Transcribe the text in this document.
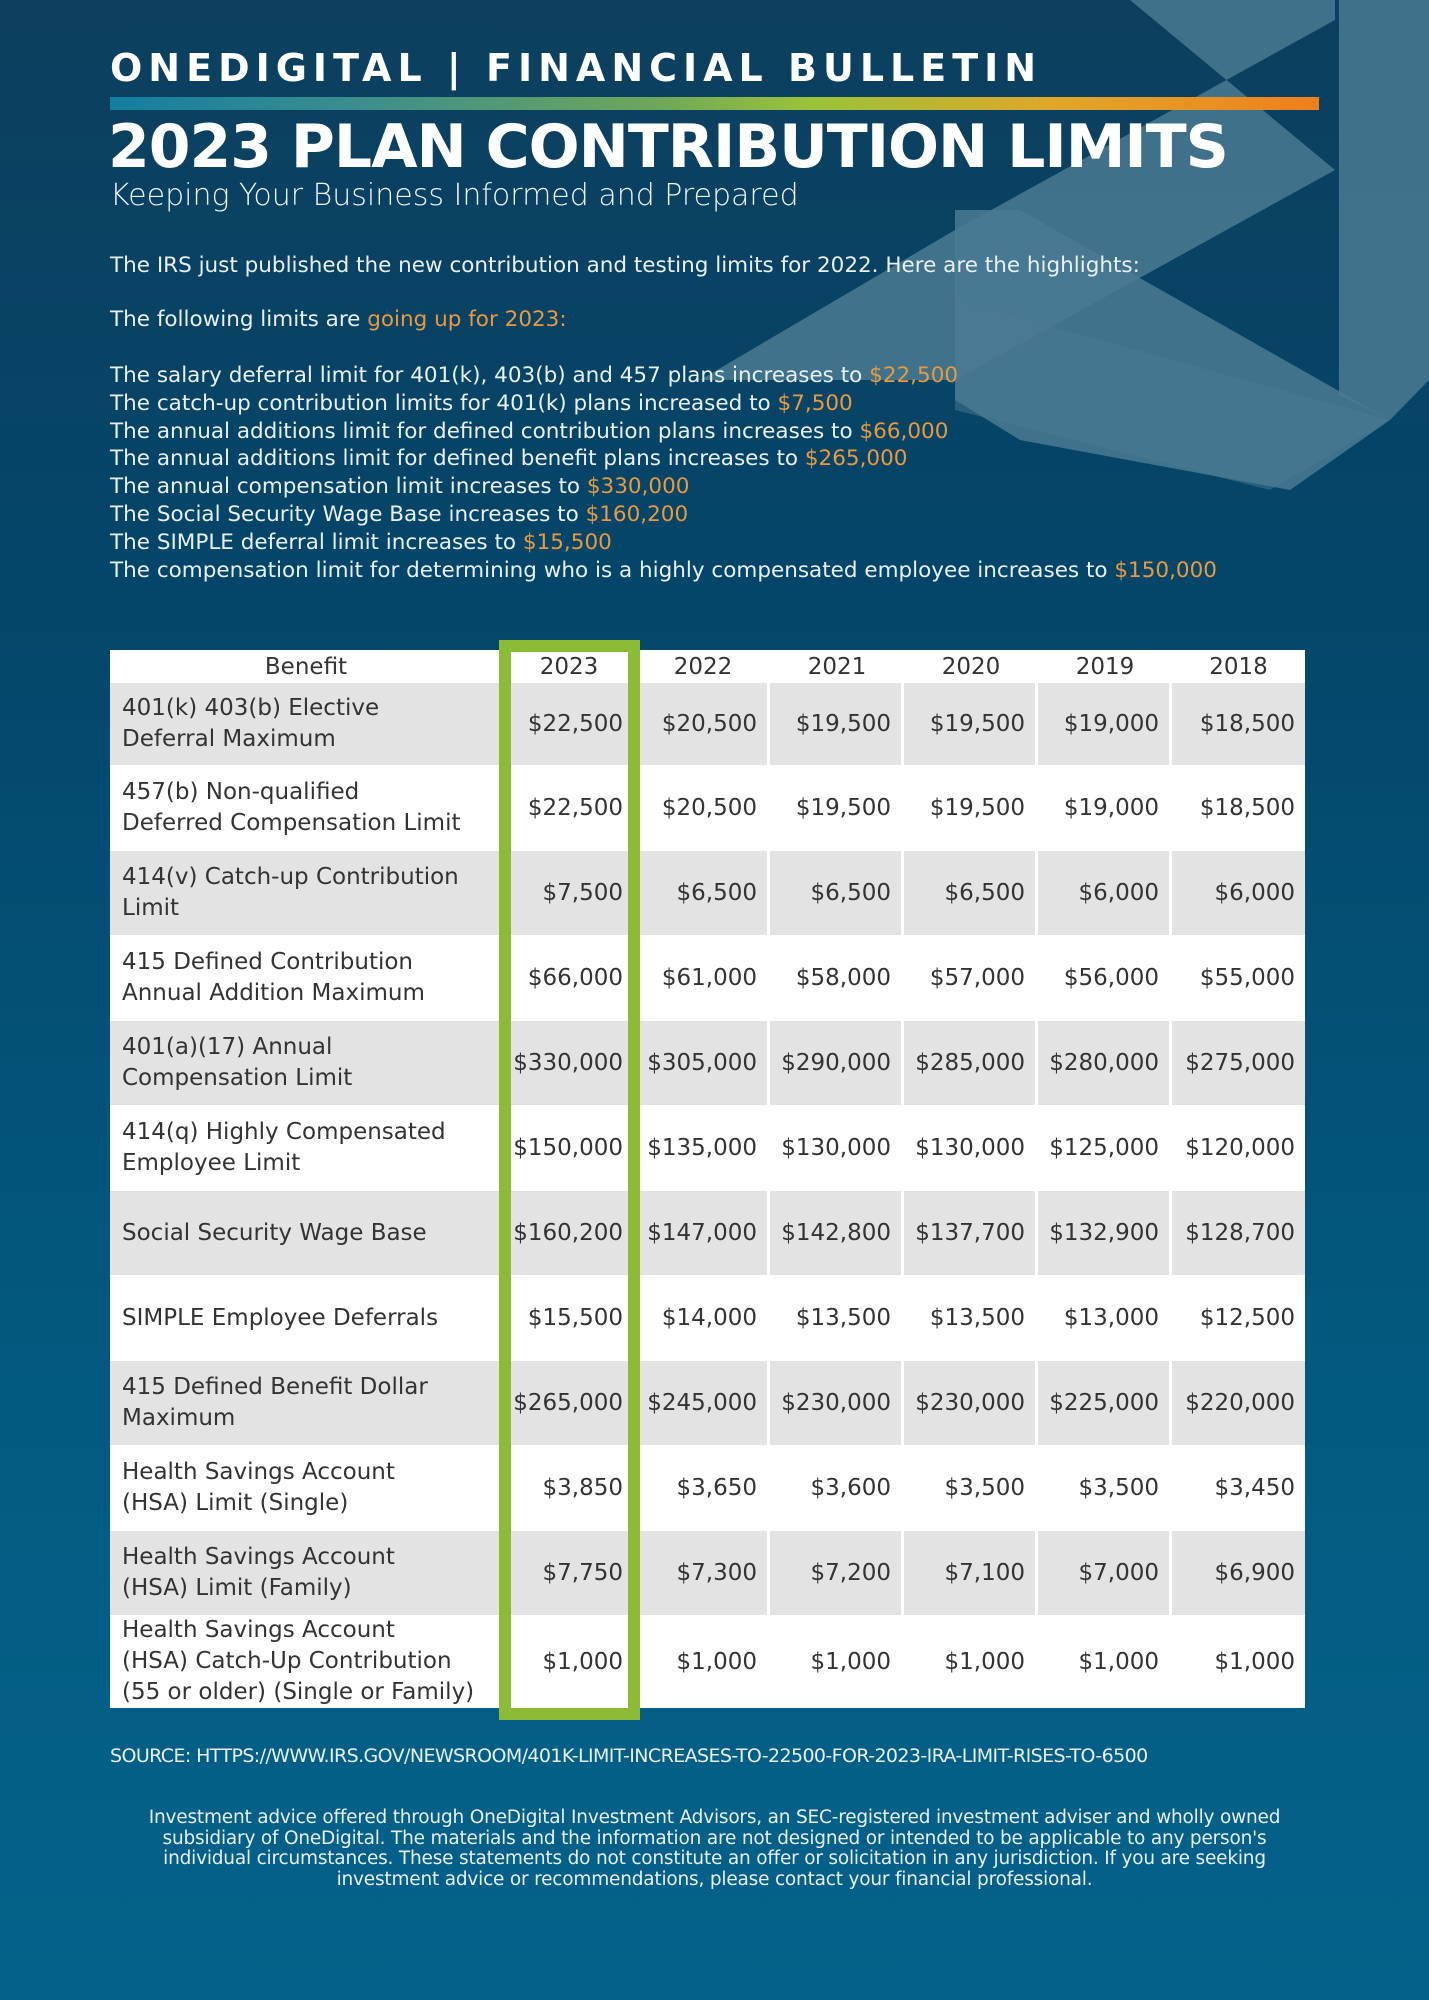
ONEDIGITAL | FINANCIAL BULLETIN
2023 PLAN CONTRIBUTION LIMITS
Keeping Your Business Informed and Prepared
The IRS just published the new contribution and testing limits for 2022. Here are the highlights:
The following limits are going up for 2023:
The salary deferral limit for 401(k), 403(b) and 457 plans increases to $22,500
The catch-up contribution limits for 401(k) plans increased to $7,500
The annual additions limit for defined contribution plans increases to $66,000
The annual additions limit for defined benefit plans increases to $265,000
The annual compensation limit increases to $330,000
The Social Security Wage Base increases to $160,200
The SIMPLE deferral limit increases to $15,500
The compensation limit for determining who is a highly compensated employee increases to $150,000
Benefit	2023	2022	2021	2020	2019	2018

401(k) 403(b) Elective
Deferral Maximum	$22,500	$20,500	$19,500	$19,500	$19,000	$18,500

457(b) Non-qualified
Deferred Compensation Limit	$22,500	$20,500	$19,500	$19,500	$19,000	$18,500

414(v) Catch-up Contribution
Limit	$7,500	$6,500	$6,500	$6,500	$6,000	$6,000

415 Defined Contribution
Annual Addition Maximum	$66,000	$61,000	$58,000	$57,000	$56,000	$55,000

401(a)(17) Annual
Compensation Limit	$330,000	$305,000	$290,000	$285,000	$280,000	$275,000

414(q) Highly Compensated
Employee Limit	$150,000	$135,000	$130,000	$130,000	$125,000	$120,000

Social Security Wage Base	$160,200	$147,000	$142,800	$137,700	$132,900	$128,700

SIMPLE Employee Deferrals	$15,500	$14,000	$13,500	$13,500	$13,000	$12,500

415 Defined Benefit Dollar
Maximum	$265,000	$245,000	$230,000	$230,000	$225,000	$220,000

Health Savings Account
(HSA) Limit (Single)	$3,850	$3,650	$3,600	$3,500	$3,500	$3,450

Health Savings Account
(HSA) Limit (Family)	$7,750	$7,300	$7,200	$7,100	$7,000	$6,900

Health Savings Account
(HSA) Catch-Up Contribution
(55 or older) (Single or Family)	$1,000	$1,000	$1,000	$1,000	$1,000	$1,000
SOURCE: HTTPS://WWW.IRS.GOV/NEWSROOM/401K-LIMIT-INCREASES-TO-22500-FOR-2023-IRA-LIMIT-RISES-TO-6500
Investment advice offered through OneDigital Investment Advisors, an SEC-registered investment adviser and wholly owned
subsidiary of OneDigital. The materials and the information are not designed or intended to be applicable to any person's
individual circumstances. These statements do not constitute an offer or solicitation in any jurisdiction. If you are seeking
investment advice or recommendations, please contact your financial professional.
